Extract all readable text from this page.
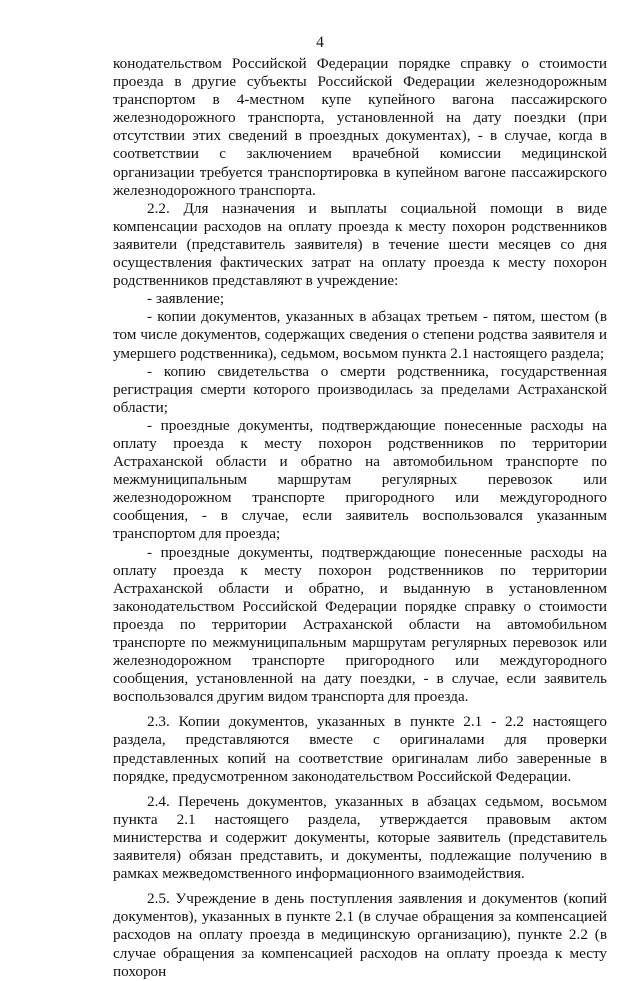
4

конодательством Российской Федерации порядке справку о стоимости проезда в другие субъекты Российской Федерации железнодорожным транспортом в 4-местном купе купейного вагона пассажирского железнодорожного транспорта, установленной на дату поездки (при отсутствии этих сведений в проездных документах), - в случае, когда в соответствии с заключением врачебной комиссии медицинской организации требуется транспортировка в купейном вагоне пассажирского железнодорожного транспорта.

2.2. Для назначения и выплаты социальной помощи в виде компенсации расходов на оплату проезда к месту похорон родственников заявители (представитель заявителя) в течение шести месяцев со дня осуществления фактических затрат на оплату проезда к месту похорон родственников представляют в учреждение:

- заявление;

- копии документов, указанных в абзацах третьем - пятом, шестом (в том числе документов, содержащих сведения о степени родства заявителя и умершего родственника), седьмом, восьмом пункта 2.1 настоящего раздела;

- копию свидетельства о смерти родственника, государственная регистрация смерти которого производилась за пределами Астраханской области;

- проездные документы, подтверждающие понесенные расходы на оплату проезда к месту похорон родственников по территории Астраханской области и обратно на автомобильном транспорте по межмуниципальным маршрутам регулярных перевозок или железнодорожном транспорте пригородного или междугородного сообщения, - в случае, если заявитель воспользовался указанным транспортом для проезда;

- проездные документы, подтверждающие понесенные расходы на оплату проезда к месту похорон родственников по территории Астраханской области и обратно, и выданную в установленном законодательством Российской Федерации порядке справку о стоимости проезда по территории Астраханской области на автомобильном транспорте по межмуниципальным маршрутам регулярных перевозок или железнодорожном транспорте пригородного или междугородного сообщения, установленной на дату поездки, - в случае, если заявитель воспользовался другим видом транспорта для проезда.

2.3. Копии документов, указанных в пункте 2.1 - 2.2 настоящего раздела, представляются вместе с оригиналами для проверки представленных копий на соответствие оригиналам либо заверенные в порядке, предусмотренном законодательством Российской Федерации.

2.4. Перечень документов, указанных в абзацах седьмом, восьмом пункта 2.1 настоящего раздела, утверждается правовым актом министерства и содержит документы, которые заявитель (представитель заявителя) обязан представить, и документы, подлежащие получению в рамках межведомственного информационного взаимодействия.

2.5. Учреждение в день поступления заявления и документов (копий документов), указанных в пункте 2.1 (в случае обращения за компенсацией расходов на оплату проезда в медицинскую организацию), пункте 2.2 (в случае обращения за компенсацией расходов на оплату проезда к месту похорон
